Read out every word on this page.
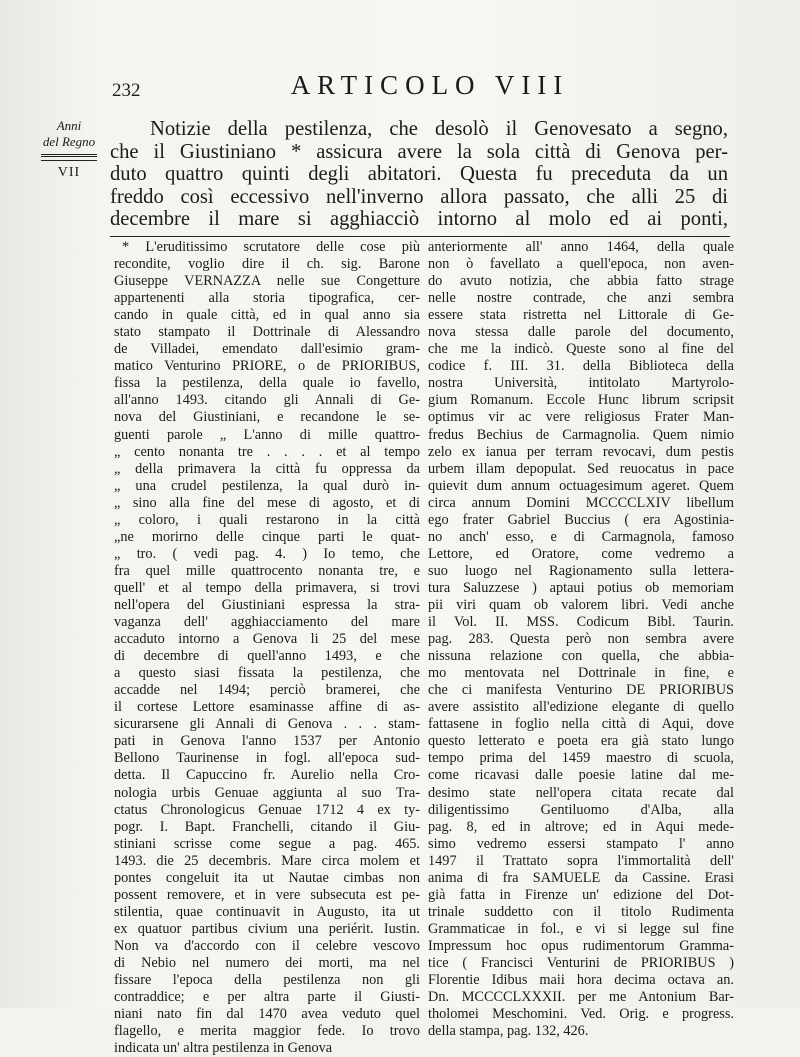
232	ARTICOLO VIII
Anni
del Regno
VII
Notizie della pestilenza, che desolò il Genovesato a segno,
che il Giustiniano * assicura avere la sola città di Genova per-
duto quattro quinti degli abitatori. Questa fu preceduta da un
freddo così eccessivo nell'inverno allora passato, che alli 25 di
decembre il mare si agghiacciò intorno al molo ed ai ponti,
* L'eruditissimo scrutatore delle cose più
recondite, voglio dire il ch. sig. Barone
Giuseppe VERNAZZA nelle sue Congetture
appartenenti alla storia tipografica, cer-
cando in quale città, ed in qual anno sia
stato stampato il Dottrinale di Alessandro
de Villadei, emendato dall'esimio gram-
matico Venturino PRIORE, o de PRIORIBUS,
fissa la pestilenza, della quale io favello,
all'anno 1493. citando gli Annali di Ge-
nova del Giustiniani, e recandone le se-
guenti parole „ L'anno di mille quattro-
„ cento nonanta tre . . . . et al tempo
„ della primavera la città fu oppressa da
„ una crudel pestilenza, la qual durò in-
„ sino alla fine del mese di agosto, et di
„ coloro, i quali restarono in la città
„ne morirno delle cinque parti le quat-
„ tro. ( vedi pag. 4. ) Io temo, che
fra quel mille quattrocento nonanta tre, e
quell' et al tempo della primavera, si trovi
nell'opera del Giustiniani espressa la stra-
vaganza dell' agghiacciamento del mare
accaduto intorno a Genova li 25 del mese
di decembre di quell'anno 1493, e che
a questo siasi fissata la pestilenza, che
accadde nel 1494; perciò bramerei, che
il cortese Lettore esaminasse affine di as-
sicurarsene gli Annali di Genova . . . stam-
pati in Genova l'anno 1537 per Antonio
Bellono Taurinense in fogl. all'epoca sud-
detta. Il Capuccino fr. Aurelio nella Cro-
nologia urbis Genuae aggiunta al suo Tra-
ctatus Chronologicus Genuae 1712 4 ex ty-
pogr. I. Bapt. Franchelli, citando il Giu-
stiniani scrisse come segue a pag. 465.
1493. die 25 decembris. Mare circa molem et
pontes congeluit ita ut Nautae cimbas non
possent removere, et in vere subsecuta est pe-
stilentia, quae continuavit in Augusto, ita ut
ex quatuor partibus civium una periérit. Iustin.
Non va d'accordo con il celebre vescovo
di Nebio nel numero dei morti, ma nel
fissare l'epoca della pestilenza non gli
contraddice; e per altra parte il Giusti-
niani nato fin dal 1470 avea veduto quel
flagello, e merita maggior fede. Io trovo
indicata un' altra pestilenza in Genova
anteriormente all' anno 1464, della quale
non ò favellato a quell'epoca, non aven-
do avuto notizia, che abbia fatto strage
nelle nostre contrade, che anzi sembra
essere stata ristretta nel Littorale di Ge-
nova stessa dalle parole del documento,
che me la indicò. Queste sono al fine del
codice f. III. 31. della Biblioteca della
nostra Università, intitolato Martyrolo-
gium Romanum. Eccole Hunc librum scripsit
optimus vir ac vere religiosus Frater Man-
fredus Bechius de Carmagnolia. Quem nimio
zelo ex ianua per terram revocavi, dum pestis
urbem illam depopulat. Sed reuocatus in pace
quievit dum annum octuagesimum ageret. Quem
circa annum Domini MCCCCLXIV libellum
ego frater Gabriel Buccius ( era Agostinia-
no anch' esso, e di Carmagnola, famoso
Lettore, ed Oratore, come vedremo a
suo luogo nel Ragionamento sulla lettera-
tura Saluzzese ) aptaui potius ob memoriam
pii viri quam ob valorem libri. Vedi anche
il Vol. II. MSS. Codicum Bibl. Taurin.
pag. 283. Questa però non sembra avere
nissuna relazione con quella, che abbia-
mo mentovata nel Dottrinale in fine, e
che ci manifesta Venturino DE PRIORIBUS
avere assistito all'edizione elegante di quello
fattasene in foglio nella città di Aqui, dove
questo letterato e poeta era già stato lungo
tempo prima del 1459 maestro di scuola,
come ricavasi dalle poesie latine dal me-
desimo state nell'opera citata recate dal
diligentissimo Gentiluomo d'Alba, alla
pag. 8, ed in altrove; ed in Aqui mede-
simo vedremo essersi stampato l' anno
1497 il Trattato sopra l'immortalità dell'
anima di fra SAMUELE da Cassine. Erasi
già fatta in Firenze un' edizione del Dot-
trinale suddetto con il titolo Rudimenta
Grammaticae in fol., e vi si legge sul fine
Impressum hoc opus rudimentorum Gramma-
tice ( Francisci Venturini de PRIORIBUS )
Florentie Idibus maii hora decima octava an.
Dn. MCCCCLXXXII. per me Antonium Bar-
tholomei Meschomini. Ved. Orig. e progress.
della stampa, pag. 132, 426.
